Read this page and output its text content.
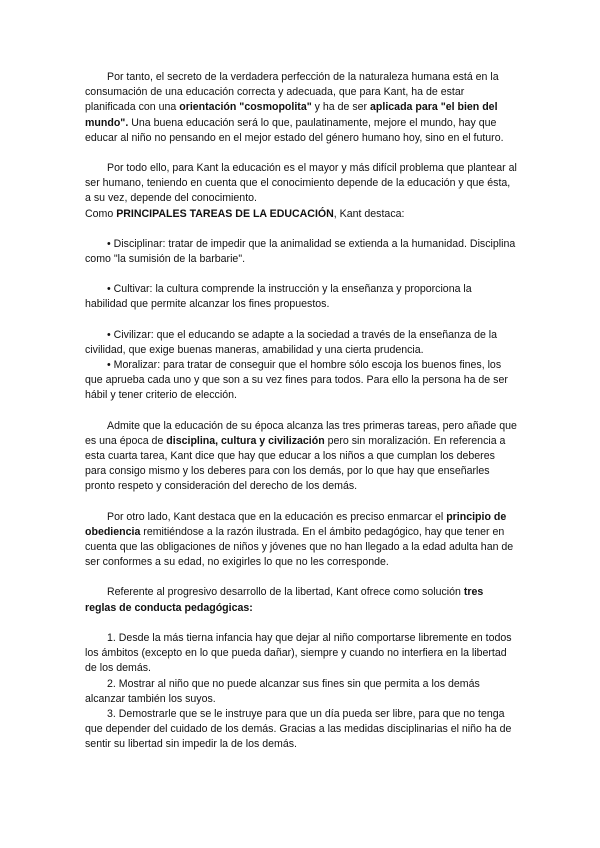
Por tanto, el secreto de la verdadera perfección de la naturaleza humana está en la consumación de una educación correcta y adecuada, que para Kant, ha de estar planificada con una orientación "cosmopolita" y ha de ser aplicada para "el bien del mundo". Una buena educación será lo que, paulatinamente, mejore el mundo, hay que educar al niño no pensando en el mejor estado del género humano hoy, sino en el futuro.

Por todo ello, para Kant la educación es el mayor y más difícil problema que plantear al ser humano, teniendo en cuenta que el conocimiento depende de la educación y que ésta, a su vez, depende del conocimiento.

Como PRINCIPALES TAREAS DE LA EDUCACIÓN, Kant destaca:

• Disciplinar: tratar de impedir que la animalidad se extienda a la humanidad. Disciplina como "la sumisión de la barbarie".

• Cultivar: la cultura comprende la instrucción y la enseñanza y proporciona la habilidad que permite alcanzar los fines propuestos.

• Civilizar: que el educando se adapte a la sociedad a través de la enseñanza de la civilidad, que exige buenas maneras, amabilidad y una cierta prudencia.

• Moralizar: para tratar de conseguir que el hombre sólo escoja los buenos fines, los que aprueba cada uno y que son a su vez fines para todos. Para ello la persona ha de ser hábil y tener criterio de elección.

Admite que la educación de su época alcanza las tres primeras tareas, pero añade que es una época de disciplina, cultura y civilización pero sin moralización. En referencia a esta cuarta tarea, Kant dice que hay que educar a los niños a que cumplan los deberes para consigo mismo y los deberes para con los demás, por lo que hay que enseñarles pronto respeto y consideración del derecho de los demás.

Por otro lado, Kant destaca que en la educación es preciso enmarcar el principio de obediencia remitiéndose a la razón ilustrada. En el ámbito pedagógico, hay que tener en cuenta que las obligaciones de niños y jóvenes que no han llegado a la edad adulta han de ser conformes a su edad, no exigirles lo que no les corresponde.

Referente al progresivo desarrollo de la libertad, Kant ofrece como solución tres reglas de conducta pedagógicas:

1. Desde la más tierna infancia hay que dejar al niño comportarse libremente en todos los ámbitos (excepto en lo que pueda dañar), siempre y cuando no interfiera en la libertad de los demás.

2. Mostrar al niño que no puede alcanzar sus fines sin que permita a los demás alcanzar también los suyos.

3. Demostrarle que se le instruye para que un día pueda ser libre, para que no tenga que depender del cuidado de los demás. Gracias a las medidas disciplinarias el niño ha de sentir su libertad sin impedir la de los demás.
